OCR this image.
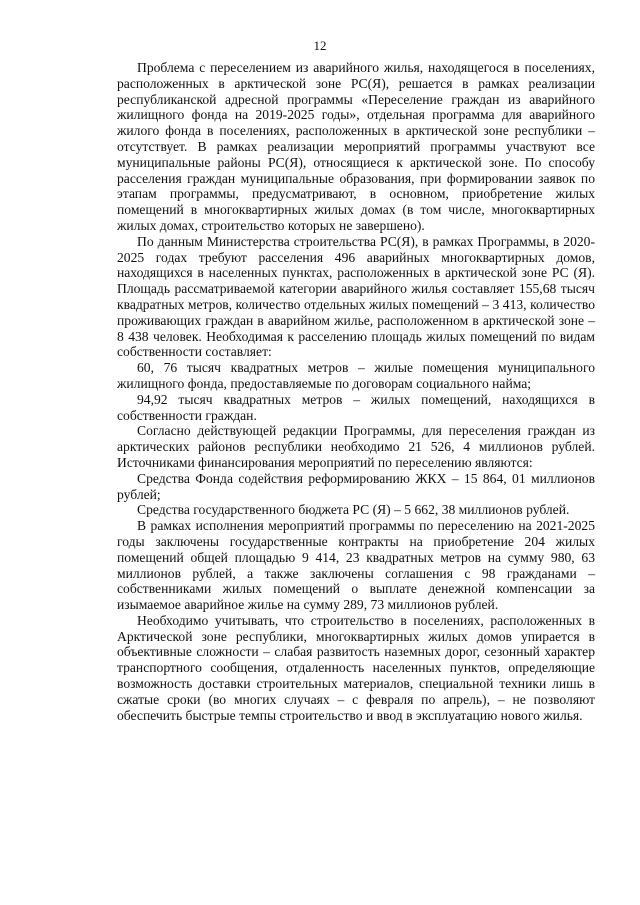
12

Проблема с переселением из аварийного жилья, находящегося в поселениях, расположенных в арктической зоне РС(Я), решается в рамках реализации республиканской адресной программы «Переселение граждан из аварийного жилищного фонда на 2019-2025 годы», отдельная программа для аварийного жилого фонда в поселениях, расположенных в арктической зоне республики – отсутствует. В рамках реализации мероприятий программы участвуют все муниципальные районы РС(Я), относящиеся к арктической зоне. По способу расселения граждан муниципальные образования, при формировании заявок по этапам программы, предусматривают, в основном, приобретение жилых помещений в многоквартирных жилых домах (в том числе, многоквартирных жилых домах, строительство которых не завершено).

По данным Министерства строительства РС(Я), в рамках Программы, в 2020-2025 годах требуют расселения 496 аварийных многоквартирных домов, находящихся в населенных пунктах, расположенных в арктической зоне РС (Я). Площадь рассматриваемой категории аварийного жилья составляет 155,68 тысяч квадратных метров, количество отдельных жилых помещений – 3 413, количество проживающих граждан в аварийном жилье, расположенном в арктической зоне – 8 438 человек. Необходимая к расселению площадь жилых помещений по видам собственности составляет:

60, 76 тысяч квадратных метров – жилые помещения муниципального жилищного фонда, предоставляемые по договорам социального найма;

94,92 тысяч квадратных метров – жилых помещений, находящихся в собственности граждан.

Согласно действующей редакции Программы, для переселения граждан из арктических районов республики необходимо 21 526, 4 миллионов рублей. Источниками финансирования мероприятий по переселению являются:

Средства Фонда содействия реформированию ЖКХ – 15 864, 01 миллионов рублей;

Средства государственного бюджета РС (Я) – 5 662, 38 миллионов рублей.

В рамках исполнения мероприятий программы по переселению на 2021-2025 годы заключены государственные контракты на приобретение 204 жилых помещений общей площадью 9 414, 23 квадратных метров на сумму 980, 63 миллионов рублей, а также заключены соглашения с 98 гражданами – собственниками жилых помещений о выплате денежной компенсации за изымаемое аварийное жилье на сумму 289, 73 миллионов рублей.

Необходимо учитывать, что строительство в поселениях, расположенных в Арктической зоне республики, многоквартирных жилых домов упирается в объективные сложности – слабая развитость наземных дорог, сезонный характер транспортного сообщения, отдаленность населенных пунктов, определяющие возможность доставки строительных материалов, специальной техники лишь в сжатые сроки (во многих случаях – с февраля по апрель), – не позволяют обеспечить быстрые темпы строительство и ввод в эксплуатацию нового жилья.
